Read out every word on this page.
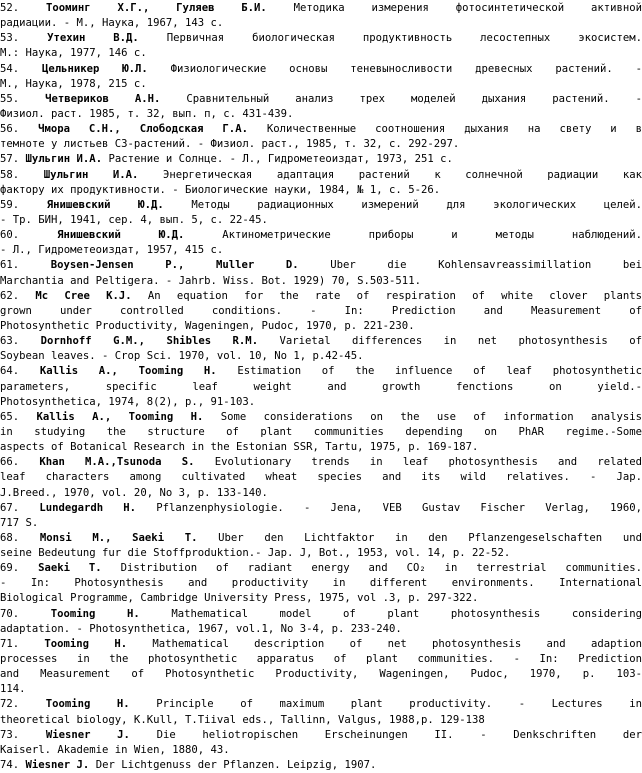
52.	Тооминг Х.Г., Гуляев Б.И.	Методика измерения фотосинтетической активной
радиации. - М., Наука, 1967, 143 с.
53.	Утехин В.Д.	Первичная биологическая продуктивность лесостепных экосистем.
М.: Наука, 1977, 146 с.
54. Цельникер Ю.Л. Физиологические основы теневыносливости древесных растений. -
М., Наука, 1978, 215 с.
55. Четвериков А.Н. Сравнительный анализ трех моделей дыхания растений. -
Физиол. раст. 1985, т. 32, вып. п, с. 431-439.
56. Чмора С.Н., Слободская Г.А. Количественные соотношения дыхания на свету и в
темноте у листьев С3-растений. - Физиол. раст., 1985, т. 32, с. 292-297.
57. Шульгин И.А. Растение и Солнце. - Л., Гидрометеоиздат, 1973, 251 с.
58. Шульгин И.А. Энергетическая адаптация растений к солнечной радиации как
фактору их продуктивности. - Биологические науки, 1984, № 1, с. 5-26.
59.	Янишевский Ю.Д.	Методы радиационных измерений для экологических целей.
- Тр. БИН, 1941, сер. 4, вып. 5, с. 22-45.
60.	Янишевский Ю.Д.	Актинометрические приборы и методы наблюдений.
- Л., Гидрометеоиздат, 1957, 415 с.
61.	Boysen-Jensen P., Muller D.	Uber die Kohlensavreassimillation bei
Marchantia and Peltigera. - Jahrb. Wiss. Bot. 1929) 70, S.503-511.
62. Mc Cree K.J. An equation for the rate of respiration of white clover plants
grown under controlled conditions. - In: Prediction and Measurement of
Photosynthetic Productivity, Wageningen, Pudoc, 1970, p. 221-230.
63. Dornhoff G.M., Shibles R.M. Varietal differences in net photosynthesis of
Soybean leaves. - Crop Sci. 1970, vol. 10, No 1, p.42-45.
64. Kallis A., Tooming H. Estimation of the influence of leaf photosynthetic
parameters, specific leaf weight and growth fenctions on yield.-
Photosynthetica, 1974, 8(2), p., 91-103.
65. Kallis A., Tooming H. Some considerations on the use of information analysis
in studying the structure of plant communities depending on PhAR regime.-Some
aspects of Botanical Research in the Estonian SSR, Tartu, 1975, p. 169-187.
66. Khan M.A.,Tsunoda S. Evolutionary trends in leaf photosynthesis and related
leaf characters among cultivated wheat species and its wild relatives. - Jap.
J.Breed., 1970, vol. 20, No 3, p. 133-140.
67. Lundegardh H. Pflanzenphysiologie. - Jena, VEB Gustav Fischer Verlag, 1960,
717 S.
68. Monsi M., Saeki T. Uber den Lichtfaktor in den Pflanzengeselschaften und
seine Bedeutung fur die Stoffproduktion.- Jap. J, Bot., 1953, vol. 14, p. 22-52.
69. Saeki T. Distribution of radiant energy and CO₂ in terrestrial communities.
- In: Photosynthesis and productivity in different environments. International
Biological Programme, Cambridge University Press, 1975, vol .3, p. 297-322.
70.	Tooming H.	Mathematical model of plant photosynthesis considering
adaptation. - Photosynthetica, 1967, vol.1, No 3-4, p. 233-240.
71. Tooming H. Mathematical description of net photosynthesis and adaption
processes in the photosynthetic apparatus of plant communities. - In: Prediction
and Measurement of Photosynthetic Productivity, Wageningen, Pudoc, 1970, p. 103-
114.
72.	Tooming H.	Principle of maximum plant productivity. - Lectures in
theoretical biology, K.Kull, T.Tiival eds., Tallinn, Valgus, 1988,p. 129-138
73.	Wiesner J.	Die heliotropischen Erscheinungen II. - Denkschriften der
Kaiserl. Akademie in Wien, 1880, 43.
74. Wiesner J. Der Lichtgenuss der Pflanzen. Leipzig, 1907.
